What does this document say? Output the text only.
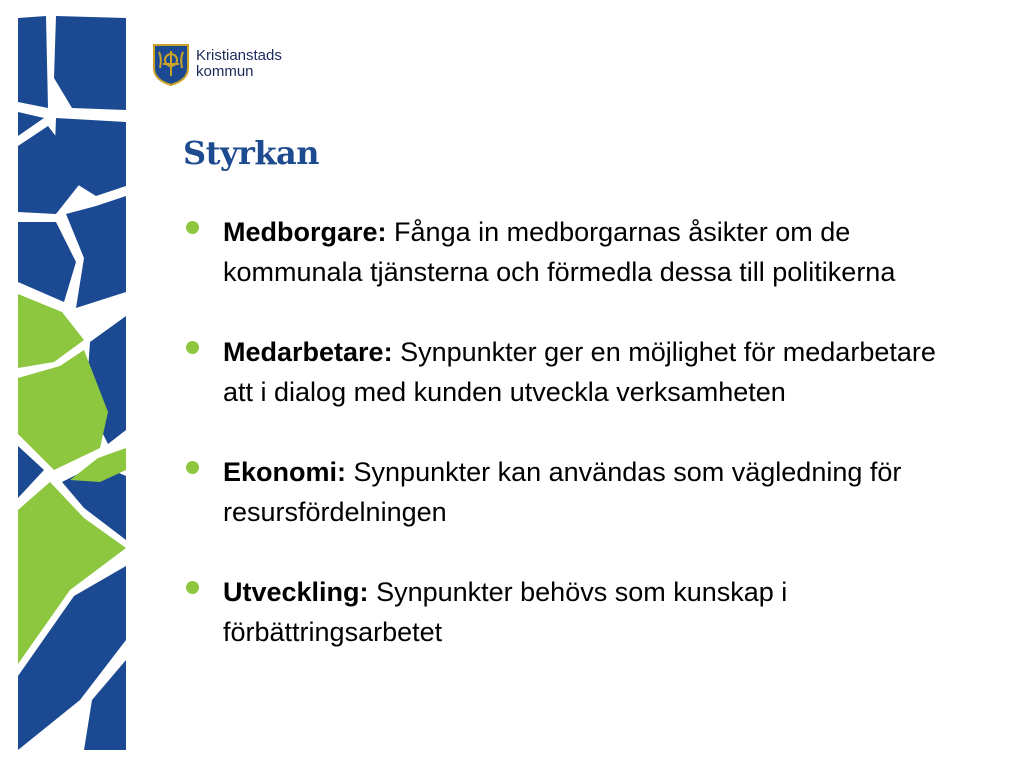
Kristianstads
kommun
Styrkan
Medborgare: Fånga in medborgarnas åsikter om de kommunala tjänsterna och förmedla dessa till politikerna
Medarbetare: Synpunkter ger en möjlighet för medarbetare att i dialog med kunden utveckla verksamheten
Ekonomi: Synpunkter kan användas som vägledning för resursfördelningen
Utveckling: Synpunkter behövs som kunskap i förbättringsarbetet
